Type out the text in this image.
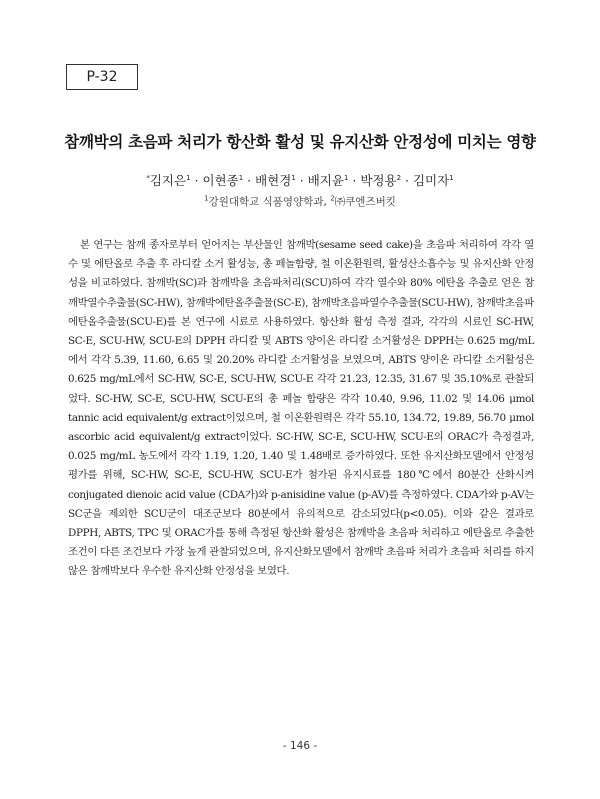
P-32
참깨박의 초음파 처리가 항산화 활성 및 유지산화 안정성에 미치는 영향
*김지은$^1$ · 이현종$^1$ · 배현경$^1$ · 배지윤$^1$ · 박정용$^2$ · 김미자$^1$
$^1$강원대학교 식품영양학과, $^2$㈜쿠엔즈버킷

본 연구는 참깨 종자로부터 얻어지는 부산물인 참깨박(sesame seed cake)을 초음파 처리하여 각각 열수 및 에탄올로 추출 후 라디칼 소거 활성능, 총 페놀함량, 철 이온환원력, 활성산소흡수능 및 유지산화 안정성을 비교하였다. 참깨박(SC)과 참깨박을 초음파처리(SCU)하여 각각 열수와 80% 에탄올 추출로 얻은 참깨박열수추출물(SC-HW), 참깨박에탄올추출물(SC-E), 참깨박초음파열수추출물(SCU-HW), 참깨박초음파에탄올추출물(SCU-E)를 본 연구에 시료로 사용하였다. 항산화 활성 측정 결과, 각각의 시료인 SC-HW, SC-E, SCU-HW, SCU-E의 DPPH 라디칼 및 ABTS 양이온 라디칼 소거활성은 DPPH는 0.625 mg/mL에서 각각 5.39, 11.60, 6.65 및 20.20% 라디칼 소거활성을 보였으며, ABTS 양이온 라디칼 소거활성은 0.625 mg/mL에서 SC-HW, SC-E, SCU-HW, SCU-E 각각 21.23, 12.35, 31.67 및 35.10%로 관찰되었다. SC-HW, SC-E, SCU-HW, SCU-E의 총 페놀 함량은 각각 10.40, 9.96, 11.02 및 14.06 μmol tannic acid equivalent/g extract이었으며, 철 이온환원력은 각각 55.10, 134.72, 19.89, 56.70 μmol ascorbic acid equivalent/g extract이었다. SC-HW, SC-E, SCU-HW, SCU-E의 ORAC가 측정결과, 0.025 mg/mL 농도에서 각각 1.19, 1.20, 1.40 및 1.48배로 증가하였다. 또한 유지산화모델에서 안정성 평가를 위해, SC-HW, SC-E, SCU-HW, SCU-E가 첨가된 유지시료를 180℃에서 80분간 산화시켜 conjugated dienoic acid value (CDA가)와 p-anisidine value (p-AV)를 측정하였다. CDA가와 p-AV는 SC군을 제외한 SCU군이 대조군보다 80분에서 유의적으로 감소되었다(p<0.05). 이와 같은 결과로 DPPH, ABTS, TPC 및 ORAC가를 통해 측정된 항산화 활성은 참깨박을 초음파 처리하고 에탄올로 추출한 조건이 다른 조건보다 가장 높게 관찰되었으며, 유지산화모델에서 참깨박 초음파 처리가 초음파 처리를 하지 않은 참깨박보다 우수한 유지산화 안정성을 보였다.

- 146 -
